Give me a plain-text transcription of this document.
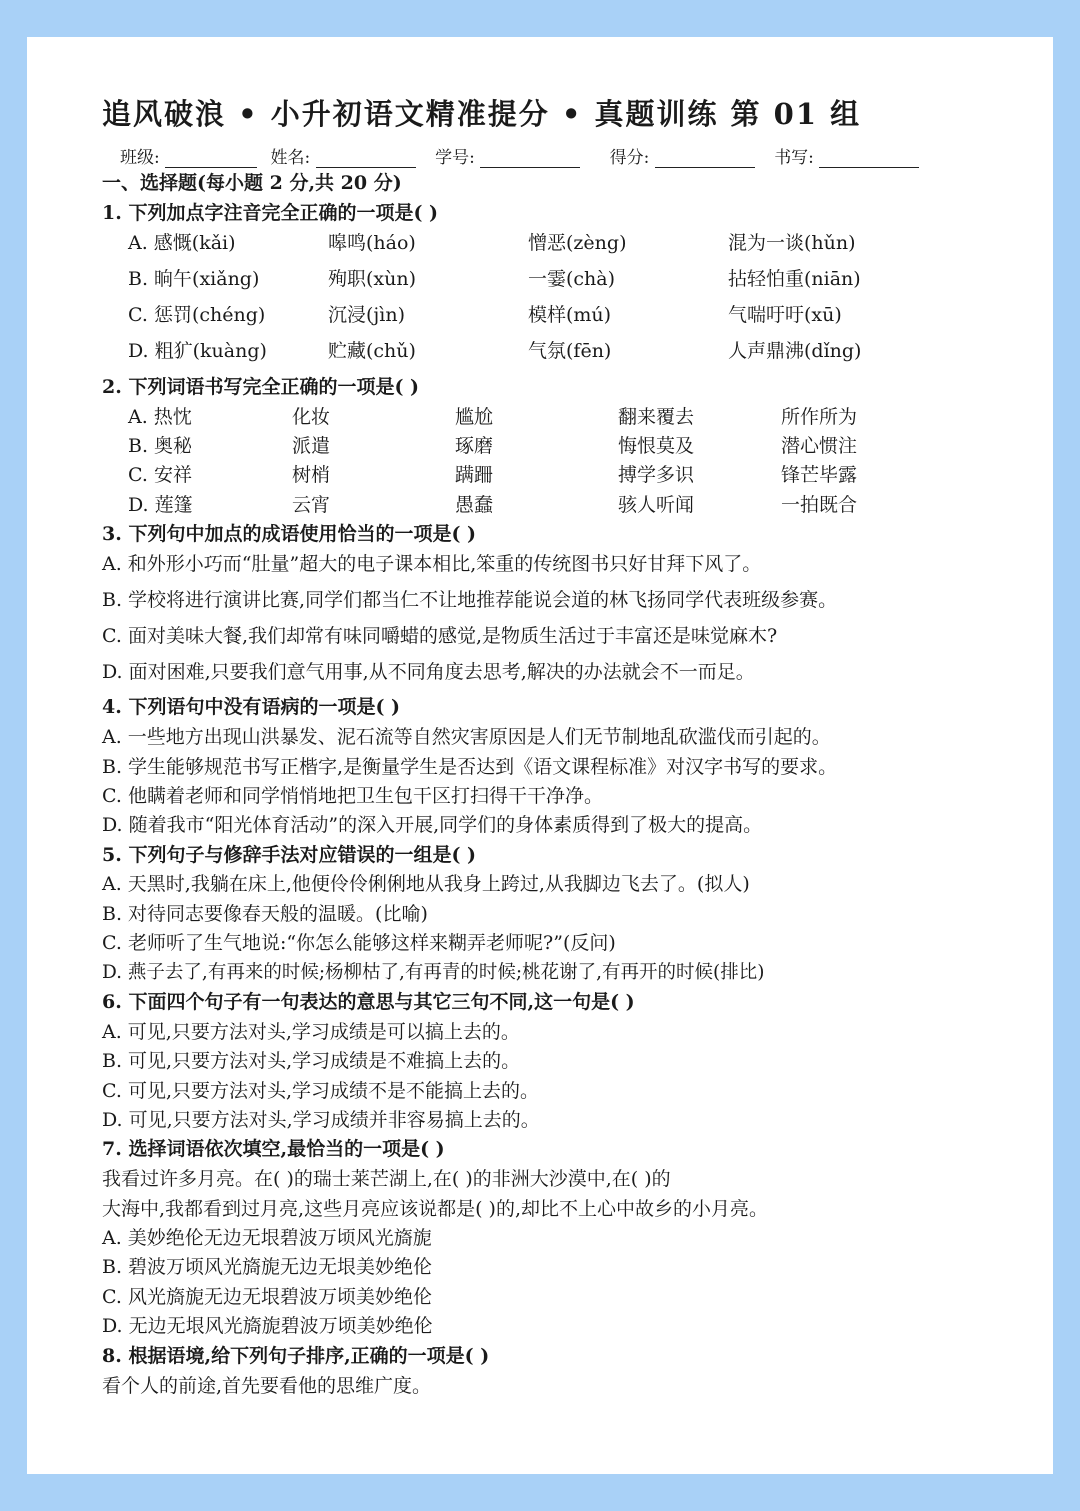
追风破浪 • 小升初语文精准提分 • 真题训练 第 01 组
班级:	姓名:	学号:	得分:	书写:
一、选择题(每小题 2 分,共 20 分)
1. 下列加点字注音完全正确的一项是( )
A. 感慨(kǎi)	嗥鸣(háo)	憎恶(zèng)	混为一谈(hǔn)
B. 晌午(xiǎng)	殉职(xùn)	一霎(chà)	拈轻怕重(niān)
C. 惩罚(chéng)	沉浸(jìn)	模样(mú)	气喘吁吁(xū)
D. 粗犷(kuàng)	贮藏(chǔ)	气氛(fēn)	人声鼎沸(dǐng)
2. 下列词语书写完全正确的一项是( )
A. 热忱	化妆	尴尬	翻来覆去	所作所为
B. 奥秘	派遣	琢磨	悔恨莫及	潜心惯注
C. 安祥	树梢	蹒跚	搏学多识	锋芒毕露
D. 莲篷	云宵	愚蠢	骇人听闻	一拍既合
3. 下列句中加点的成语使用恰当的一项是( )
A. 和外形小巧而“肚量”超大的电子课本相比,笨重的传统图书只好甘拜下风了。
B. 学校将进行演讲比赛,同学们都当仁不让地推荐能说会道的林飞扬同学代表班级参赛。
C. 面对美味大餐,我们却常有味同嚼蜡的感觉,是物质生活过于丰富还是味觉麻木?
D. 面对困难,只要我们意气用事,从不同角度去思考,解决的办法就会不一而足。
4. 下列语句中没有语病的一项是( )
A. 一些地方出现山洪暴发、泥石流等自然灾害原因是人们无节制地乱砍滥伐而引起的。
B. 学生能够规范书写正楷字,是衡量学生是否达到《语文课程标准》对汉字书写的要求。
C. 他瞒着老师和同学悄悄地把卫生包干区打扫得干干净净。
D. 随着我市“阳光体育活动”的深入开展,同学们的身体素质得到了极大的提高。
5. 下列句子与修辞手法对应错误的一组是( )
A. 天黑时,我躺在床上,他便伶伶俐俐地从我身上跨过,从我脚边飞去了。(拟人)
B. 对待同志要像春天般的温暖。(比喻)
C. 老师听了生气地说:“你怎么能够这样来糊弄老师呢?”(反问)
D. 燕子去了,有再来的时候;杨柳枯了,有再青的时候;桃花谢了,有再开的时候(排比)
6. 下面四个句子有一句表达的意思与其它三句不同,这一句是( )
A. 可见,只要方法对头,学习成绩是可以搞上去的。
B. 可见,只要方法对头,学习成绩是不难搞上去的。
C. 可见,只要方法对头,学习成绩不是不能搞上去的。
D. 可见,只要方法对头,学习成绩并非容易搞上去的。
7. 选择词语依次填空,最恰当的一项是( )
我看过许多月亮。在( )的瑞士莱芒湖上,在( )的非洲大沙漠中,在( )的
大海中,我都看到过月亮,这些月亮应该说都是( )的,却比不上心中故乡的小月亮。
A. 美妙绝伦无边无垠碧波万顷风光旖旎
B. 碧波万顷风光旖旎无边无垠美妙绝伦
C. 风光旖旎无边无垠碧波万顷美妙绝伦
D. 无边无垠风光旖旎碧波万顷美妙绝伦
8. 根据语境,给下列句子排序,正确的一项是( )
看个人的前途,首先要看他的思维广度。
